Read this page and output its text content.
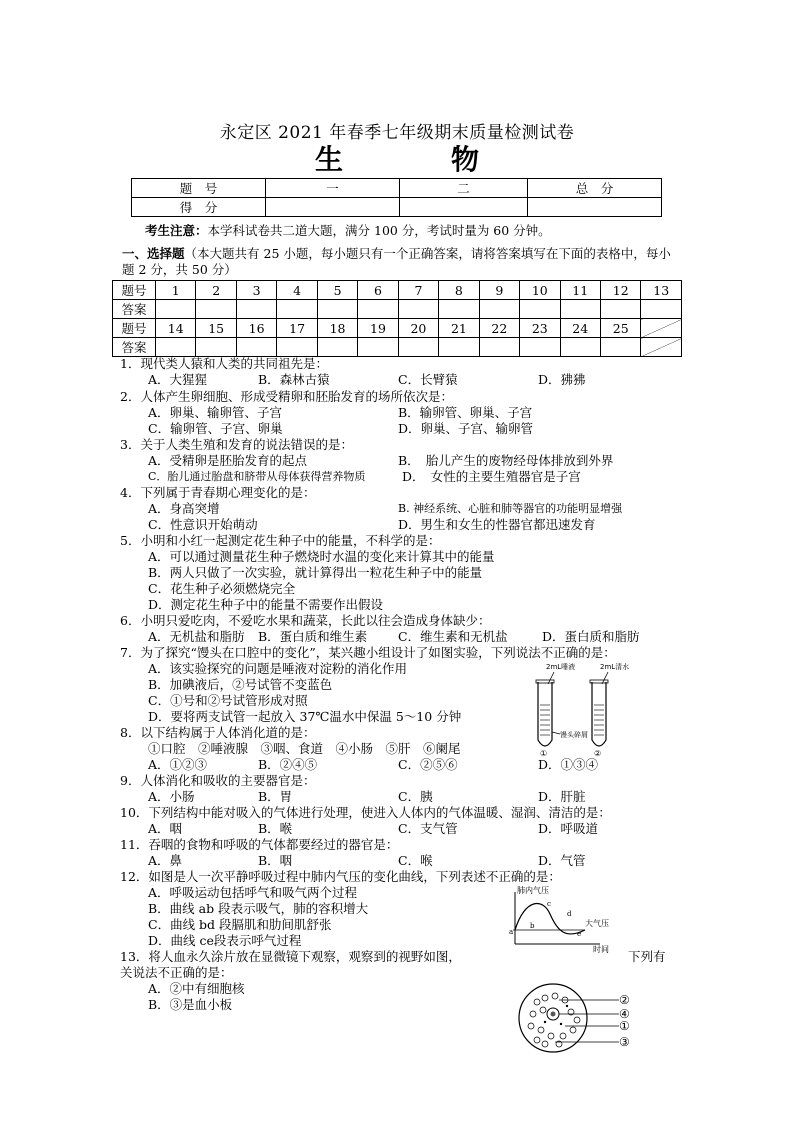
永定区 2021 年春季七年级期末质量检测试卷
生　物
题　号	一	二	总　分
得　分			
考生注意：本学科试卷共二道大题，满分 100 分，考试时量为 60 分钟。
一、选择题（本大题共有 25 小题，每小题只有一个正确答案，请将答案填写在下面的表格中，每小题 2 分，共 50 分）
题号	1	2	3	4	5	6	7	8	9	10	11	12	13
答案													
题号	14	15	16	17	18	19	20	21	22	23	24	25	
答案													
1．现代类人猿和人类的共同祖先是：
A．大猩猩	B．森林古猿	C．长臂猿	D．狒狒
2．人体产生卵细胞、形成受精卵和胚胎发育的场所依次是：
A．卵巢、输卵管、子宫	B．输卵管、卵巢、子宫
C．输卵管、子宫、卵巢	D．卵巢、子宫、输卵管
3．关于人类生殖和发育的说法错误的是：
A．受精卵是胚胎发育的起点	B．　胎儿产生的废物经母体排放到外界
C．胎儿通过胎盘和脐带从母体获得营养物质	D．　女性的主要生殖器官是子宫
4．下列属于青春期心理变化的是：
A．身高突增	B. 神经系统、心脏和肺等器官的功能明显增强
C．性意识开始萌动	D．男生和女生的性器官都迅速发育
5．小明和小红一起测定花生种子中的能量，不科学的是：
A．可以通过测量花生种子燃烧时水温的变化来计算其中的能量
B．两人只做了一次实验，就计算得出一粒花生种子中的能量
C．花生种子必须燃烧完全
D．测定花生种子中的能量不需要作出假设
6．小明只爱吃肉，不爱吃水果和蔬菜，长此以往会造成身体缺少：
A．无机盐和脂肪 B．蛋白质和维生素 C．维生素和无机盐	D．蛋白质和脂肪
7．为了探究“馒头在口腔中的变化”，某兴趣小组设计了如图实验，下列说法不正确的是：
A．该实验探究的问题是唾液对淀粉的消化作用
B．加碘液后，②号试管不变蓝色
C．①号和②号试管形成对照
D．要将两支试管一起放入 37℃温水中保温 5～10 分钟
2mL唾液	2mL清水
馒头碎屑
①	②
8．以下结构属于人体消化道的是：
①口腔　②唾液腺　③咽、食道　④小肠　⑤肝　⑥阑尾
A．①②③	B．②④⑤	C．②⑤⑥	D．①③④
9．人体消化和吸收的主要器官是：
A．小肠	B．胃	C．胰	D．肝脏
10．下列结构中能对吸入的气体进行处理，使进入人体内的气体温暖、湿润、清洁的是：
A．咽	B．喉	C．支气管	D．呼吸道
11．吞咽的食物和呼吸的气体都要经过的器官是：
A．鼻	B．咽	C．喉	D．气管
12．如图是人一次平静呼吸过程中肺内气压的变化曲线，下列表述不正确的是：
A．呼吸运动包括呼气和吸气两个过程
B．曲线 ab 段表示吸气，肺的容积增大
C．曲线 bd 段膈肌和肋间肌舒张
D．曲线 ce段表示呼气过程
肺内气压
a
b
c
d
e
大气压
时间
13．将人血永久涂片放在显微镜下观察，观察到的视野如图，	下列有
关说法不正确的是：
A．②中有细胞核
B．③是血小板	②
④
①
③
